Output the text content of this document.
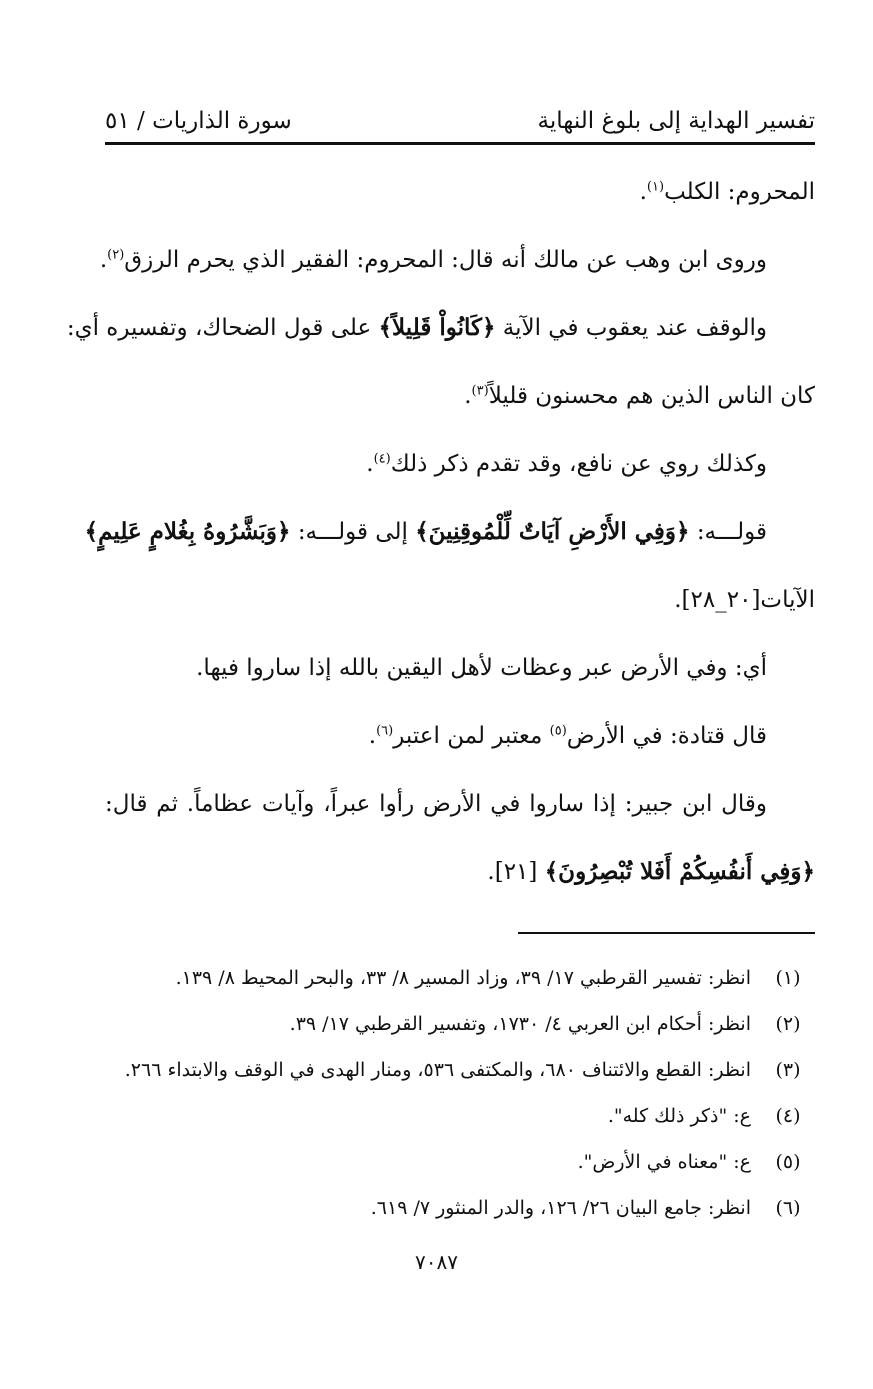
تفسير الهداية إلى بلوغ النهاية
سورة الذاريات / ٥١
المحروم: الكلب$^{(١)}$.
وروى ابن وهب عن مالك أنه قال: المحروم: الفقير الذي يحرم الرزق$^{(٢)}$.
والوقف عند يعقوب في الآية ﴿كَانُواْ قَلِيلاً﴾ على قول الضحاك، وتفسيره أي:
كان الناس الذين هم محسنون قليلاً$^{(٣)}$.
وكذلك روي عن نافع، وقد تقدم ذكر ذلك$^{(٤)}$.
قولـــه: ﴿وَفِي الأَرْضِ آيَاتٌ لِّلْمُوقِنِينَ﴾ إلى قولـــه: ﴿وَبَشَّرُوهُ بِغُلامٍ عَلِيمٍ﴾
الآيات[٢٠_٢٨].
أي: وفي الأرض عبر وعظات لأهل اليقين بالله إذا ساروا فيها.
قال قتادة: في الأرض$^{(٥)}$ معتبر لمن اعتبر$^{(٦)}$.
وقال ابن جبير: إذا ساروا في الأرض رأوا عبراً، وآيات عظاماً. ثم قال:
﴿وَفِي أَنفُسِكُمْ أَفَلا تُبْصِرُونَ﴾ [٢١].
(١)
انظر: تفسير القرطبي ١٧/ ٣٩، وزاد المسير ٨/ ٣٣، والبحر المحيط ٨/ ١٣٩.
(٢)
انظر: أحكام ابن العربي ٤/ ١٧٣٠، وتفسير القرطبي ١٧/ ٣٩.
(٣)
انظر: القطع والائتناف ٦٨٠، والمكتفى ٥٣٦، ومنار الهدى في الوقف والابتداء ٢٦٦.
(٤)
ع: "ذكر ذلك كله".
(٥)
ع: "معناه في الأرض".
(٦)
انظر: جامع البيان ٢٦/ ١٢٦، والدر المنثور ٧/ ٦١٩.
٧٠٨٧
